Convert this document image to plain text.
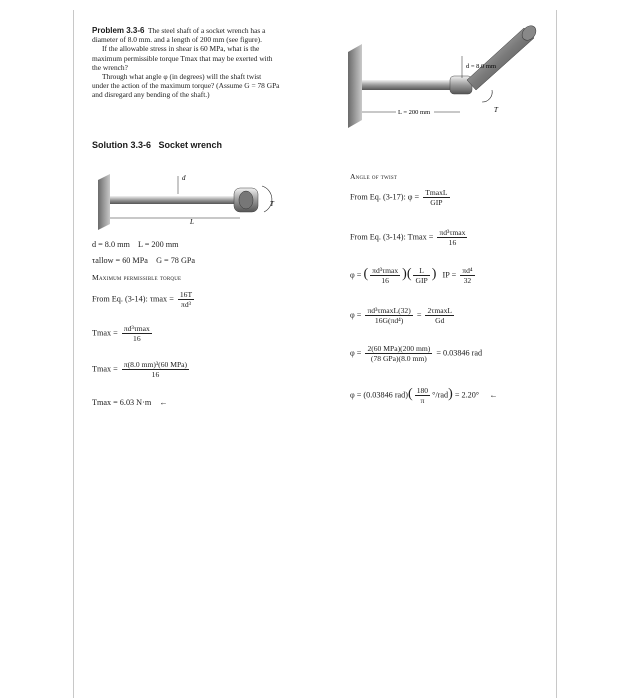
Problem 3.3-6 The steel shaft of a socket wrench has a

diameter of 8.0 mm. and a length of 200 mm (see figure).

If the allowable stress in shear is 60 MPa, what is the

maximum permissible torque Tmax that may be exerted with

the wrench?

Through what angle φ (in degrees) will the shaft twist

under the action of the maximum torque? (Assume G = 78 GPa

and disregard any bending of the shaft.)

d = 8.0 mm
L = 200 mm	T
Solution 3.3-6 Socket wrench
d
L
T
d = 8.0 mm L = 200 mm
τallow = 60 MPa G = 78 GPa
Maximum permissible torque
From Eq. (3-14): $\tau\max = \frac{16T}{\text{πd³}}$
$Tmax = \frac{\text{πd³τmax}}{16}$
$Tmax = \frac{\text{π(8.0 mm)³(60 MPa)}}{16}$
Tmax = 6.03 N·m ←
Angle of twist
From Eq. (3-17): $\varphi = \frac{TmaxL}{\text{GIP}}$
From Eq. (3-14): $Tmax = \frac{\text{πd³τmax}}{16}$
φ = ( $\frac{\text{πd³τmax}}{16}$ )( $\frac{L}{\text{GIP}}$ ) IP = $\frac{\text{πd⁴}}{32}$
$\varphi = \frac{\text{πd³τmaxL(32)}}{\text{16G(πd⁴)}} = \frac{2\tau\max L}{Gd}$
$\varphi = \frac{\text{2(60 MPa)(200 mm)}}{\text{(78 GPa)(8.0 mm)}} = 0.03846$ rad
φ = (0.03846 $rad)( \frac{180}{\pi} ^\circ/rad) = 2.20^\circ$ ←
